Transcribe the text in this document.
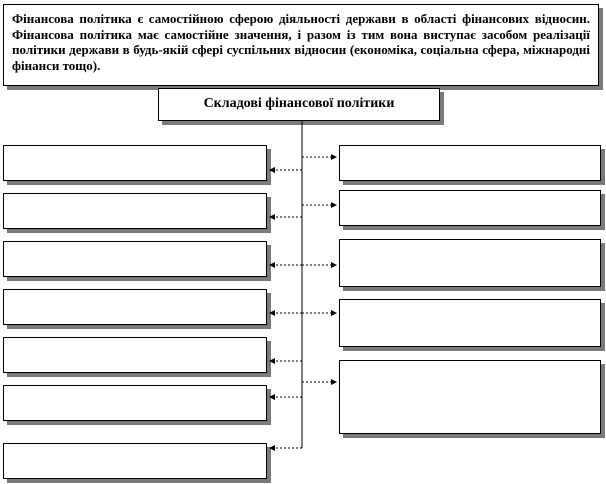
Фінансова політика є самостійною сферою діяльності держави в області фінансових відносин. Фінансова політика має самостійне значення, і разом із тим вона виступає засобом реалізації політики держави в будь-якій сфері суспільних відносин (економіка, соціальна сфера, міжнародні фінанси тощо).
Складові фінансової політики
